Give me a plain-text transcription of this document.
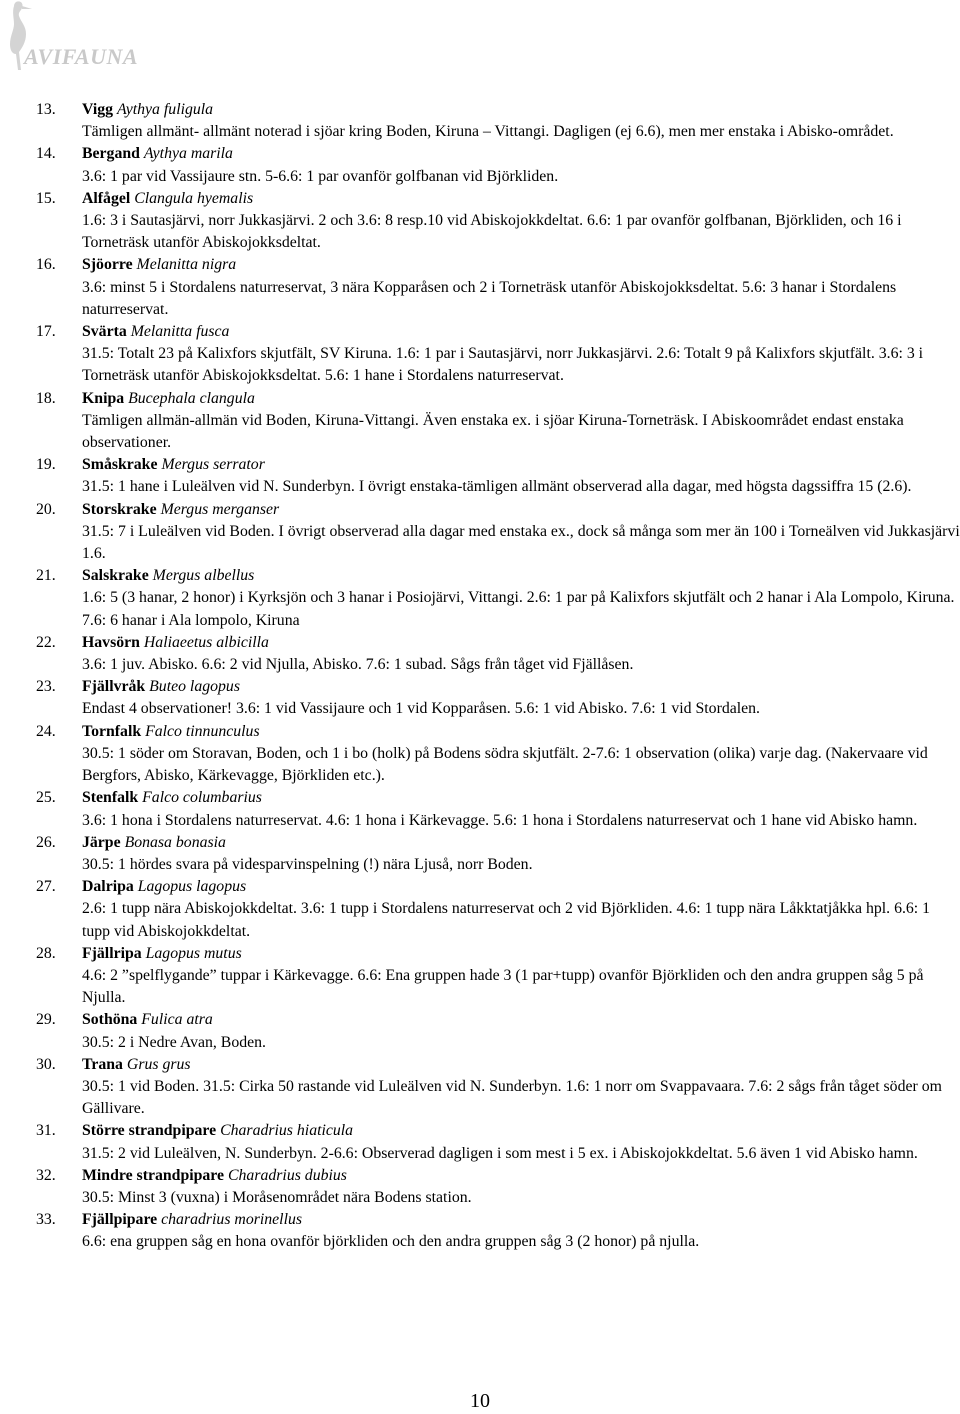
AVIFAUNA
13.	Vigg Aythya fuligula
Tämligen allmänt- allmänt noterad i sjöar kring Boden, Kiruna – Vittangi. Dagligen (ej 6.6), men mer enstaka i Abisko-området.
14.	Bergand Aythya marila
3.6: 1 par vid Vassijaure stn. 5-6.6: 1 par ovanför golfbanan vid Björkliden.
15.	Alfågel Clangula hyemalis
1.6: 3 i Sautasjärvi, norr Jukkasjärvi. 2 och 3.6: 8 resp.10 vid Abiskojokkdeltat. 6.6: 1 par ovanför golfbanan, Björkliden, och 16 i Torneträsk utanför Abiskojokksdeltat.
16.	Sjöorre Melanitta nigra
3.6: minst 5 i Stordalens naturreservat, 3 nära Kopparåsen och 2 i Torneträsk utanför Abiskojokksdeltat. 5.6: 3 hanar i Stordalens naturreservat.
17.	Svärta Melanitta fusca
31.5: Totalt 23 på Kalixfors skjutfält, SV Kiruna. 1.6: 1 par i Sautasjärvi, norr Jukkasjärvi. 2.6: Totalt 9 på Kalixfors skjutfält. 3.6: 3 i Torneträsk utanför Abiskojokksdeltat. 5.6: 1 hane i Stordalens naturreservat.
18.	Knipa Bucephala clangula
Tämligen allmän-allmän vid Boden, Kiruna-Vittangi. Även enstaka ex. i sjöar Kiruna-Torneträsk. I Abiskoområdet endast enstaka observationer.
19.	Småskrake Mergus serrator
31.5: 1 hane i Luleälven vid N. Sunderbyn. I övrigt enstaka-tämligen allmänt observerad alla dagar, med högsta dagssiffra 15 (2.6).
20.	Storskrake Mergus merganser
31.5: 7 i Luleälven vid Boden. I övrigt observerad alla dagar med enstaka ex., dock så många som mer än 100 i Torneälven vid Jukkasjärvi 1.6.
21.	Salskrake Mergus albellus
1.6: 5 (3 hanar, 2 honor) i Kyrksjön och 3 hanar i Posiojärvi, Vittangi. 2.6: 1 par på Kalixfors skjutfält och 2 hanar i Ala Lompolo, Kiruna. 7.6: 6 hanar i Ala lompolo, Kiruna
22.	Havsörn Haliaeetus albicilla
3.6: 1 juv. Abisko. 6.6: 2 vid Njulla, Abisko. 7.6: 1 subad. Sågs från tåget vid Fjällåsen.
23.	Fjällvråk Buteo lagopus
Endast 4 observationer! 3.6: 1 vid Vassijaure och 1 vid Kopparåsen. 5.6: 1 vid Abisko. 7.6: 1 vid Stordalen.
24.	Tornfalk Falco tinnunculus
30.5: 1 söder om Storavan, Boden, och 1 i bo (holk) på Bodens södra skjutfält. 2-7.6: 1 observation (olika) varje dag. (Nakervaare vid Bergfors, Abisko, Kärkevagge, Björkliden etc.).
25.	Stenfalk Falco columbarius
3.6: 1 hona i Stordalens naturreservat. 4.6: 1 hona i Kärkevagge. 5.6: 1 hona i Stordalens naturreservat och 1 hane vid Abisko hamn.
26.	Järpe Bonasa bonasia
30.5: 1 hördes svara på videsparvinspelning (!) nära Ljuså, norr Boden.
27.	Dalripa Lagopus lagopus
2.6: 1 tupp nära Abiskojokkdeltat. 3.6: 1 tupp i Stordalens naturreservat och 2 vid Björkliden. 4.6: 1 tupp nära Låkktatjåkka hpl. 6.6: 1 tupp vid Abiskojokkdeltat.
28.	Fjällripa Lagopus mutus
4.6: 2 ”spelflygande” tuppar i Kärkevagge. 6.6: Ena gruppen hade 3 (1 par+tupp) ovanför Björkliden och den andra gruppen såg 5 på Njulla.
29.	Sothöna Fulica atra
30.5: 2 i Nedre Avan, Boden.
30.	Trana Grus grus
30.5: 1 vid Boden. 31.5: Cirka 50 rastande vid Luleälven vid N. Sunderbyn. 1.6: 1 norr om Svappavaara. 7.6: 2 sågs från tåget söder om Gällivare.
31.	Större strandpipare Charadrius hiaticula
31.5: 2 vid Luleälven, N. Sunderbyn. 2-6.6: Observerad dagligen i som mest i 5 ex. i Abiskojokkdeltat. 5.6 även 1 vid Abisko hamn.
32.	Mindre strandpipare Charadrius dubius
30.5: Minst 3 (vuxna) i Moråsenområdet nära Bodens station.
33.	Fjällpipare charadrius morinellus
6.6: ena gruppen såg en hona ovanför björkliden och den andra gruppen såg 3 (2 honor) på njulla.
10
